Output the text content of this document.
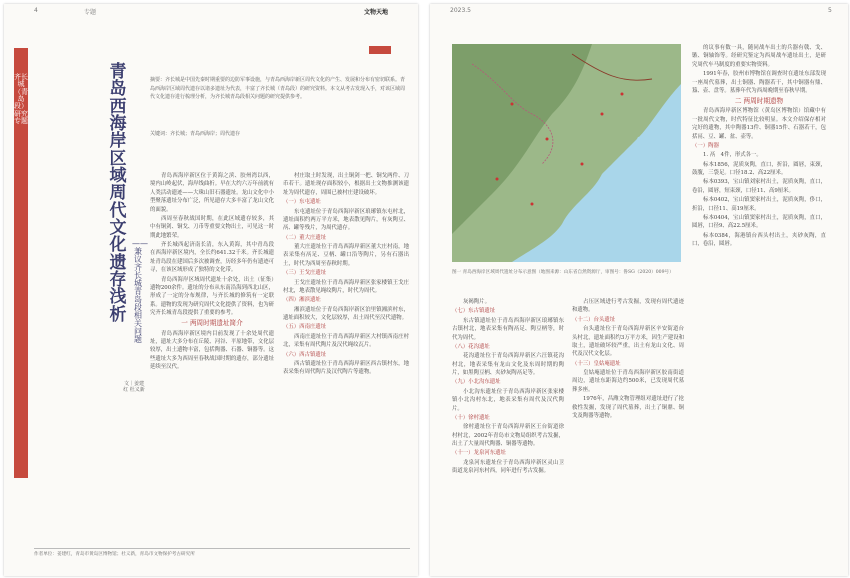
4	专题	文物天地
齐长城（青岛段）研究专题
青岛西海岸区域周代文化遗存浅析
——兼议齐长城青岛段相关问题
文｜姜建红 杜义新

摘要：齐长城是中国先秦时期重要的边防军事设施，与青岛西海岸新区周代文化的产生、发展和分布有密切联系。青岛西海岸区域周代遗存以诸多遗址为代表，丰富了齐长城（青岛段）的研究资料。本文从考古发现入手，对该区域周代文化遗存进行梳理分析，为齐长城青岛段相关问题的研究提供参考。

关键词：齐长城；青岛西海岸；周代遗存

青岛西海岸新区位于黄海之滨、胶州湾以西，境内山岭起伏，海岸线曲折。早在大约六万年前就有人类活动遗迹——大珠山旧石器遗址。龙山文化中小型聚落遗址分布广泛，所见遗存大多丰富了龙山文化的面貌。

西周至春秋战国时期，在此区域遗存较多，其中有铜剑、铜戈、刀币等重要文物出土，可见这一时期此地繁荣。

齐长城西起济南长清，东入黄海，其中青岛段在西海岸新区境内，全长约641.32千米。齐长城遗址青岛段在建国后多次被调查，历经多年仍有遗迹可寻，在该区域形成了独特的文化带。

青岛西海岸区域周代遗址十余处，出土（征集）遗物200余件。遗址的分布从东南沿海到西北山区，形成了一定的分布规律，与齐长城的修筑有一定联系。遗物的发现为研究周代文化提供了资料，也为研究齐长城青岛段提供了重要的参考。

一 两周时期遗址简介

青岛西海岸新区境内目前发现了十余处周代遗址，遗址大多分布在丘陵、河谷、平原地带，文化层较厚，出土遗物丰富，包括陶器、石器、铜器等。这些遗址大多为西周至春秋战国时期的遗存，部分遗址延续至汉代。

村庄取土时发现，出土铜剑一把、铜戈两件、刀币若干。遗址现存面积较小，根据出土文物推测该遗址为周代遗存，周围已被村庄建设破坏。

（一）东屯遗址

东屯遗址位于青岛西海岸新区琅琊镇东屯村北，遗址面积约两万平方米，地表散见陶片，有灰陶豆、鬲、罐等残片，为周代遗存。

（二）董大庄遗址

董大庄遗址位于青岛西海岸新区董大庄村南，地表采集有鬲足、豆柄、罐口沿等陶片，另有石器出土，时代为西周至春秋时期。

（三）王戈庄遗址

王戈庄遗址位于青岛西海岸新区张家楼镇王戈庄村北，地表散见绳纹陶片，时代为周代。

（四）湘滨遗址

湘滨遗址位于青岛西海岸新区泊里镇湘滨村东，遗址面积较大，文化层较厚，出土周代至汉代遗物。

（五）西南庄遗址

西南庄遗址位于青岛西海岸新区大村镇西南庄村北，采集有周代陶片及汉代绳纹瓦片。

（六）西古镇遗址

西古镇遗址位于青岛西海岸新区西古镇村东，地表采集有周代陶片及汉代陶片等遗物。

作者单位：姜建红，青岛市黄岛区博物馆；杜义新，青岛市文物保护考古研究所
2023.5	5
图一 青岛西海岸区域周代遗址分布示意图（地图来源：山东省自然资源厅，审图号：鲁SG（2020）009号）

灰褐陶片。

（七）东古镇遗址

东古镇遗址位于青岛西海岸新区琅琊镇东古镇村北，地表采集有陶鬲足、陶豆柄等，时代为周代。

（八）花沟遗址

花沟遗址位于青岛西海岸新区六汪镇花沟村北，地表采集有龙山文化及东周时期的陶片，如黑陶豆柄、夹砂灰陶鬲足等。

（九）小北沟东遗址

小北沟东遗址位于青岛西海岸新区张家楼镇小北沟村东北，地表采集有周代及汉代陶片。

（十）徐村遗址

徐村遗址位于青岛西海岸新区王台街道徐村村北，2002年青岛市文物局组织考古发掘，出土了大量周代陶器、铜器等遗物。

（十一）龙泉河东遗址

龙泉河东遗址位于青岛西海岸新区灵山卫街道龙泉河东村西，同年进行考古发掘。

占压区域进行考古发掘，发现有周代遗迹和遗物。

（十二）台头遗址

台头遗址位于青岛西海岸新区辛安街道台头村北，遗址面积约3万平方米，因生产建设和取土，遗址破坏较严重，出土有龙山文化、周代及汉代文化层。

（十三）皇姑庵遗址

皇姑庵遗址位于青岛西海岸新区胶南街道周边，遗址东距海边约500米，已发现周代墓葬多座。

1976年，昌潍文物管理组对遗址进行了抢救性发掘，发现了周代墓葬，出土了铜鼎、铜戈及陶器等遗物。

的议事有数一具，随同战车出土的兵器有戟、戈、镞、铜轴饰等。经研究鉴定为西周战车遗址出土，是研究周代车马制度的重要实物资料。

1991年春，胶州市博物馆在调查时在遗址东部发现一座周代墓葬，出土铜器、陶器若干，其中铜器有鼎、簋、壶、盘等。墓葬年代为西周晚期至春秋早期。

二 两周时期遗物

青岛西海岸新区博物馆（黄岛区博物馆）馆藏中有一批周代文物，时代特征比较明显。本文介绍保存相对完好的遗物，其中陶器13件、铜器15件、石器若干，包括鬲、豆、罐、盆、壶等。

（一）陶器

1. 鬲　4件，形式各一。

标本1856，泥质灰陶，直口，折沿，圆唇，束颈，鼓腹，三袋足。口径18.2、高22厘米。

标本0393，宝山镇刘家村出土，泥质灰陶，直口，卷沿，圆唇，短束颈，口径11、高9厘米。

标本0402，宝山镇窦家村出土，泥质灰陶，侈口，折沿，口径11、高19厘米。

标本0404，宝山镇窦家村出土，泥质灰陶，直口，圆唇，口径9、高22.5厘米。

标本0384，海港镇台西头村出土，夹砂灰陶，直口，卷沿，圆唇。
